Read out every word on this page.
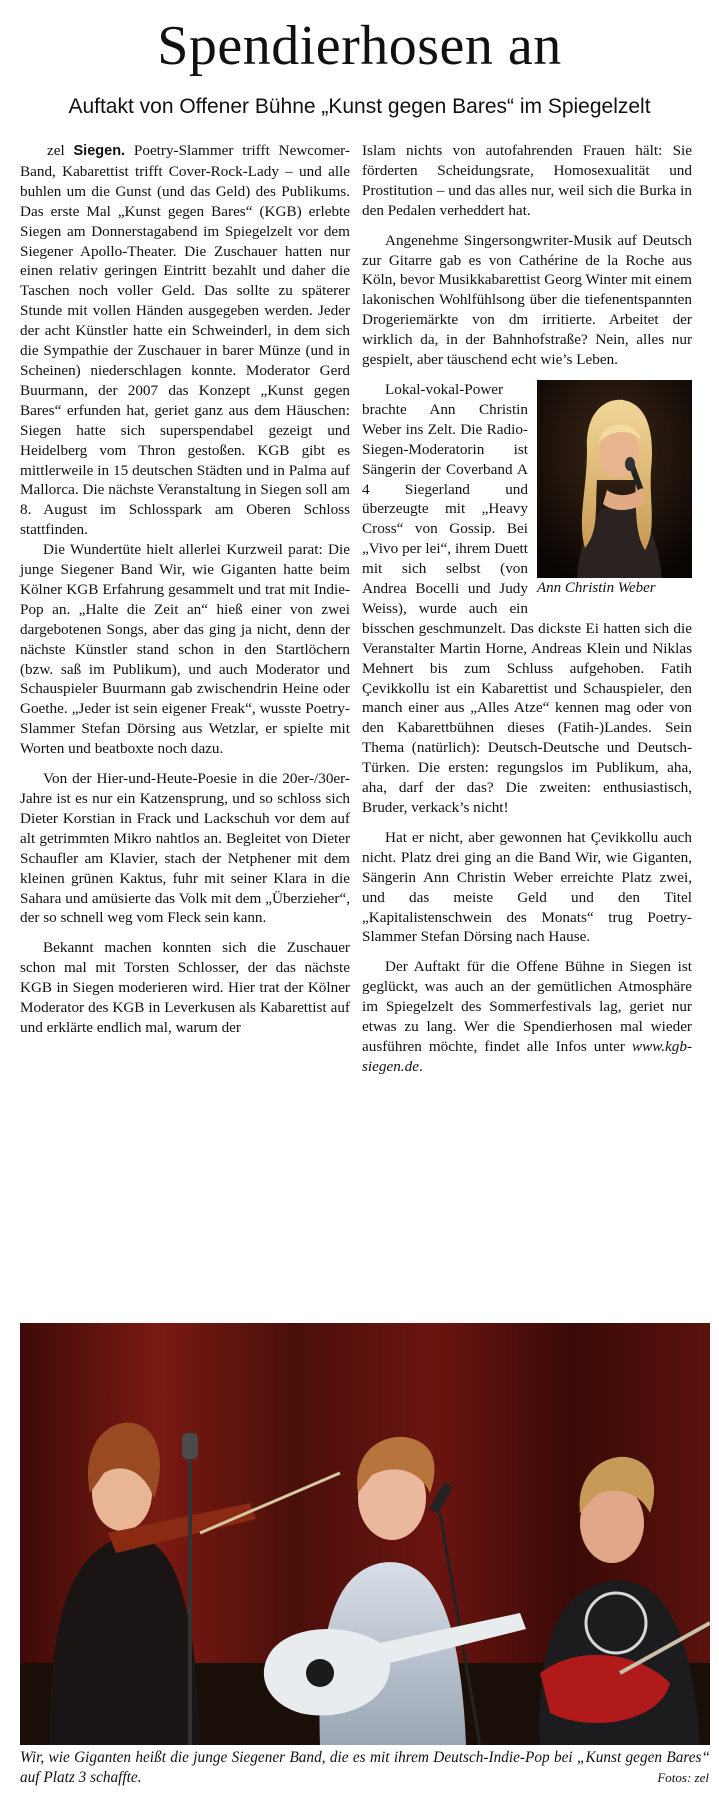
Spendierhosen an
Auftakt von Offener Bühne „Kunst gegen Bares“ im Spiegelzelt

zel Siegen. Poetry-Slammer trifft Newcomer-Band, Kabarettist trifft Cover-Rock-Lady – und alle buhlen um die Gunst (und das Geld) des Publikums. Das erste Mal „Kunst gegen Bares“ (KGB) erlebte Siegen am Donnerstagabend im Spiegelzelt vor dem Siegener Apollo-Theater. Die Zuschauer hatten nur einen relativ geringen Eintritt bezahlt und daher die Taschen noch voller Geld. Das sollte zu späterer Stunde mit vollen Händen ausgegeben werden. Jeder der acht Künstler hatte ein Schweinderl, in dem sich die Sympathie der Zuschauer in barer Münze (und in Scheinen) niederschlagen konnte. Moderator Gerd Buurmann, der 2007 das Konzept „Kunst gegen Bares“ erfunden hat, geriet ganz aus dem Häuschen: Siegen hatte sich superspendabel gezeigt und Heidelberg vom Thron gestoßen. KGB gibt es mittlerweile in 15 deutschen Städten und in Palma auf Mallorca. Die nächste Veranstaltung in Siegen soll am 8. August im Schlosspark am Oberen Schloss stattfinden.

Die Wundertüte hielt allerlei Kurzweil parat: Die junge Siegener Band Wir, wie Giganten hatte beim Kölner KGB Erfahrung gesammelt und trat mit Indie-Pop an. „Halte die Zeit an“ hieß einer von zwei dargebotenen Songs, aber das ging ja nicht, denn der nächste Künstler stand schon in den Startlöchern (bzw. saß im Publikum), und auch Moderator und Schauspieler Buurmann gab zwischendrin Heine oder Goethe. „Jeder ist sein eigener Freak“, wusste Poetry-Slammer Stefan Dörsing aus Wetzlar, er spielte mit Worten und beatboxte noch dazu.

Von der Hier-und-Heute-Poesie in die 20er-/30er-Jahre ist es nur ein Katzensprung, und so schloss sich Dieter Korstian in Frack und Lackschuh vor dem auf alt getrimmten Mikro nahtlos an. Begleitet von Dieter Schaufler am Klavier, stach der Netphener mit dem kleinen grünen Kaktus, fuhr mit seiner Klara in die Sahara und amüsierte das Volk mit dem „Überzieher“, der so schnell weg vom Fleck sein kann.

Bekannt machen konnten sich die Zuschauer schon mal mit Torsten Schlosser, der das nächste KGB in Siegen moderieren wird. Hier trat der Kölner Moderator des KGB in Leverkusen als Kabarettist auf und erklärte endlich mal, warum der

Islam nichts von autofahrenden Frauen hält: Sie förderten Scheidungsrate, Homosexualität und Prostitution – und das alles nur, weil sich die Burka in den Pedalen verheddert hat.

Angenehme Singersongwriter-Musik auf Deutsch zur Gitarre gab es von Cathérine de la Roche aus Köln, bevor Musikkabarettist Georg Winter mit einem lakonischen Wohlfühlsong über die tiefenentspannten Drogeriemärkte von dm irritierte. Arbeitet der wirklich da, in der Bahnhofstraße? Nein, alles nur gespielt, aber täuschend echt wie’s Leben.

Ann Christin Weber
Lokal-vokal-Power brachte Ann Christin Weber ins Zelt. Die Radio-Siegen-Moderatorin ist Sängerin der Coverband A 4 Siegerland und überzeugte mit „Heavy Cross“ von Gossip. Bei „Vivo per lei“, ihrem Duett mit sich selbst (von Andrea Bocelli und Judy Weiss), wurde auch ein bisschen geschmunzelt. Das dickste Ei hatten sich die Veranstalter Martin Horne, Andreas Klein und Niklas Mehnert bis zum Schluss aufgehoben. Fatih Çevikkollu ist ein Kabarettist und Schauspieler, den manch einer aus „Alles Atze“ kennen mag oder von den Kabarettbühnen dieses (Fatih-)Landes. Sein Thema (natürlich): Deutsch-Deutsche und Deutsch-Türken. Die ersten: regungslos im Publikum, aha, aha, darf der das? Die zweiten: enthusiastisch, Bruder, verkack’s nicht!

Hat er nicht, aber gewonnen hat Çevikkollu auch nicht. Platz drei ging an die Band Wir, wie Giganten, Sängerin Ann Christin Weber erreichte Platz zwei, und das meiste Geld und den Titel „Kapitalistenschwein des Monats“ trug Poetry-Slammer Stefan Dörsing nach Hause.

Der Auftakt für die Offene Bühne in Siegen ist geglückt, was auch an der gemütlichen Atmosphäre im Spiegelzelt des Sommerfestivals lag, geriet nur etwas zu lang. Wer die Spendierhosen mal wieder ausführen möchte, findet alle Infos unter www.kgb-siegen.de.

Wir, wie Giganten heißt die junge Siegener Band, die es mit ihrem Deutsch-Indie-Pop bei „Kunst gegen Bares“ auf Platz 3 schaffte.	Fotos: zel
